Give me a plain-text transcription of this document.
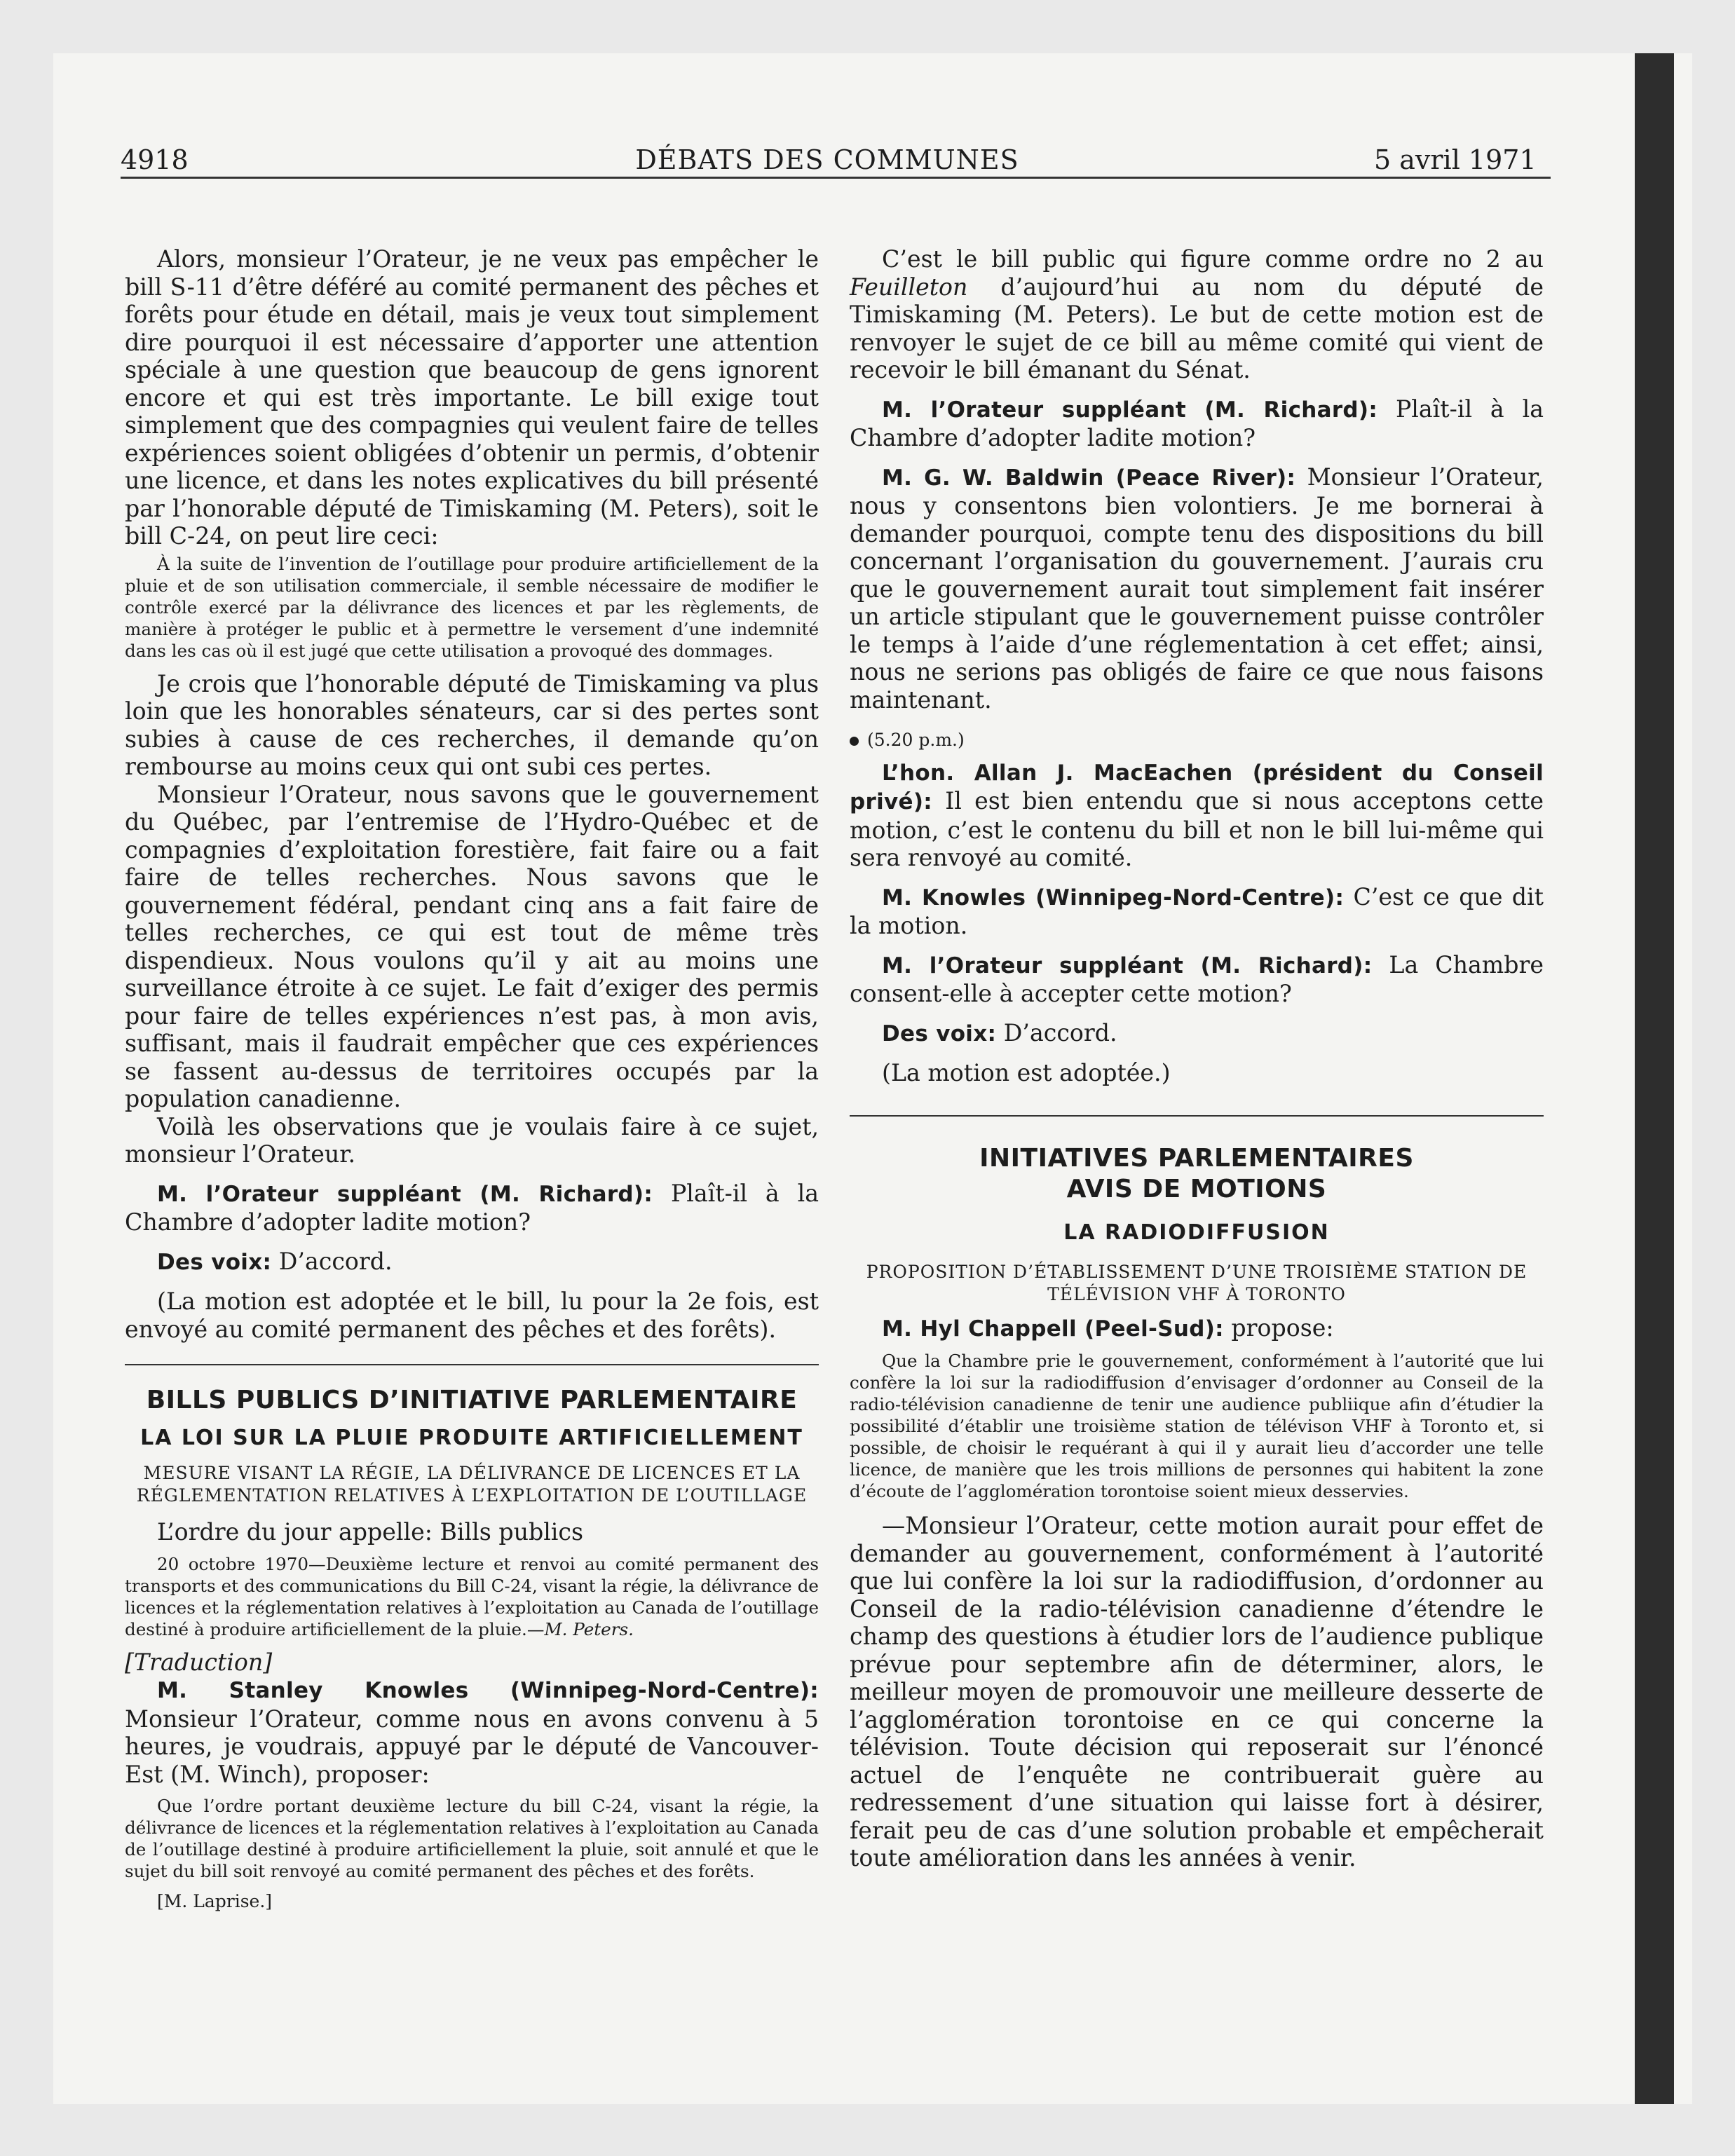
4918	DÉBATS DES COMMUNES	5 avril 1971

Alors, monsieur l’Orateur, je ne veux pas empêcher le bill S-11 d’être déféré au comité permanent des pêches et forêts pour étude en détail, mais je veux tout simplement dire pourquoi il est nécessaire d’apporter une attention spéciale à une question que beaucoup de gens ignorent encore et qui est très importante. Le bill exige tout simplement que des compagnies qui veulent faire de telles expériences soient obligées d’obtenir un permis, d’obtenir une licence, et dans les notes explicatives du bill présenté par l’honorable député de Timiskaming (M. Peters), soit le bill C-24, on peut lire ceci:

À la suite de l’invention de l’outillage pour produire artificiellement de la pluie et de son utilisation commerciale, il semble nécessaire de modifier le contrôle exercé par la délivrance des licences et par les règlements, de manière à protéger le public et à permettre le versement d’une indemnité dans les cas où il est jugé que cette utilisation a provoqué des dommages.

Je crois que l’honorable député de Timiskaming va plus loin que les honorables sénateurs, car si des pertes sont subies à cause de ces recherches, il demande qu’on rembourse au moins ceux qui ont subi ces pertes.

Monsieur l’Orateur, nous savons que le gouvernement du Québec, par l’entremise de l’Hydro-Québec et de compagnies d’exploitation forestière, fait faire ou a fait faire de telles recherches. Nous savons que le gouvernement fédéral, pendant cinq ans a fait faire de telles recherches, ce qui est tout de même très dispendieux. Nous voulons qu’il y ait au moins une surveillance étroite à ce sujet. Le fait d’exiger des permis pour faire de telles expériences n’est pas, à mon avis, suffisant, mais il faudrait empêcher que ces expériences se fassent au-dessus de territoires occupés par la population canadienne.

Voilà les observations que je voulais faire à ce sujet, monsieur l’Orateur.

M. l’Orateur suppléant (M. Richard): Plaît-il à la Chambre d’adopter ladite motion?

Des voix: D’accord.

(La motion est adoptée et le bill, lu pour la 2e fois, est envoyé au comité permanent des pêches et des forêts).

BILLS PUBLICS D’INITIATIVE PARLEMENTAIRE
LA LOI SUR LA PLUIE PRODUITE ARTIFICIELLEMENT
MESURE VISANT LA RÉGIE, LA DÉLIVRANCE DE LICENCES ET LA RÉGLEMENTATION RELATIVES À L’EXPLOITATION DE L’OUTILLAGE

L’ordre du jour appelle: Bills publics

20 octobre 1970—Deuxième lecture et renvoi au comité permanent des transports et des communications du Bill C-24, visant la régie, la délivrance de licences et la réglementation relatives à l’exploitation au Canada de l’outillage destiné à produire artificiellement de la pluie.—M. Peters.

[Traduction]

M. Stanley Knowles (Winnipeg-Nord-Centre): Monsieur l’Orateur, comme nous en avons convenu à 5 heures, je voudrais, appuyé par le député de Vancouver-Est (M. Winch), proposer:

Que l’ordre portant deuxième lecture du bill C-24, visant la régie, la délivrance de licences et la réglementation relatives à l’exploitation au Canada de l’outillage destiné à produire artificiellement la pluie, soit annulé et que le sujet du bill soit renvoyé au comité permanent des pêches et des forêts.

[M. Laprise.]

C’est le bill public qui figure comme ordre no 2 au Feuilleton d’aujourd’hui au nom du député de Timiskaming (M. Peters). Le but de cette motion est de renvoyer le sujet de ce bill au même comité qui vient de recevoir le bill émanant du Sénat.

M. l’Orateur suppléant (M. Richard): Plaît-il à la Chambre d’adopter ladite motion?

M. G. W. Baldwin (Peace River): Monsieur l’Orateur, nous y consentons bien volontiers. Je me bornerai à demander pourquoi, compte tenu des dispositions du bill concernant l’organisation du gouvernement. J’aurais cru que le gouvernement aurait tout simplement fait insérer un article stipulant que le gouvernement puisse contrôler le temps à l’aide d’une réglementation à cet effet; ainsi, nous ne serions pas obligés de faire ce que nous faisons maintenant.

(5.20 p.m.)

L’hon. Allan J. MacEachen (président du Conseil privé): Il est bien entendu que si nous acceptons cette motion, c’est le contenu du bill et non le bill lui-même qui sera renvoyé au comité.

M. Knowles (Winnipeg-Nord-Centre): C’est ce que dit la motion.

M. l’Orateur suppléant (M. Richard): La Chambre consent-elle à accepter cette motion?

Des voix: D’accord.

(La motion est adoptée.)

INITIATIVES PARLEMENTAIRES
AVIS DE MOTIONS
LA RADIODIFFUSION
PROPOSITION D’ÉTABLISSEMENT D’UNE TROISIÈME STATION DE TÉLÉVISION VHF À TORONTO

M. Hyl Chappell (Peel-Sud): propose:

Que la Chambre prie le gouvernement, conformément à l’autorité que lui confère la loi sur la radiodiffusion d’envisager d’ordonner au Conseil de la radio-télévision canadienne de tenir une audience publiique afin d’étudier la possibilité d’établir une troisième station de télévison VHF à Toronto et, si possible, de choisir le requérant à qui il y aurait lieu d’accorder une telle licence, de manière que les trois millions de personnes qui habitent la zone d’écoute de l’agglomération torontoise soient mieux desservies.

—Monsieur l’Orateur, cette motion aurait pour effet de demander au gouvernement, conformément à l’autorité que lui confère la loi sur la radiodiffusion, d’ordonner au Conseil de la radio-télévision canadienne d’étendre le champ des questions à étudier lors de l’audience publique prévue pour septembre afin de déterminer, alors, le meilleur moyen de promouvoir une meilleure desserte de l’agglomération torontoise en ce qui concerne la télévision. Toute décision qui reposerait sur l’énoncé actuel de l’enquête ne contribuerait guère au redressement d’une situation qui laisse fort à désirer, ferait peu de cas d’une solution probable et empêcherait toute amélioration dans les années à venir.
